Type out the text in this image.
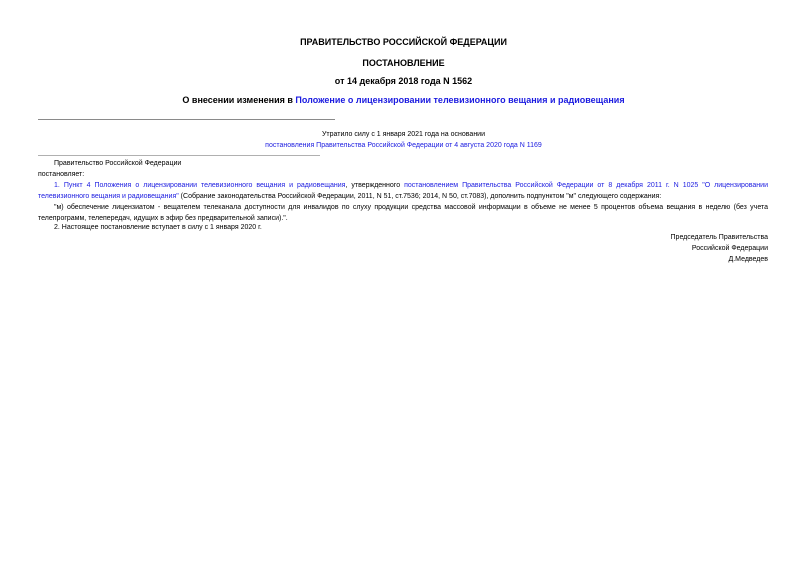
ПРАВИТЕЛЬСТВО РОССИЙСКОЙ ФЕДЕРАЦИИ
ПОСТАНОВЛЕНИЕ
от 14 декабря 2018 года N 1562
О внесении изменения в Положение о лицензировании телевизионного вещания и радиовещания
Утратило силу с 1 января 2021 года на основании
постановления Правительства Российской Федерации от 4 августа 2020 года N 1169
Правительство Российской Федерации
постановляет:
1. Пункт 4 Положения о лицензировании телевизионного вещания и радиовещания, утвержденного постановлением Правительства Российской Федерации от 8 декабря 2011 г. N 1025 "О лицензировании телевизионного вещания и радиовещания" (Собрание законодательства Российской Федерации, 2011, N 51, ст.7536; 2014, N 50, ст.7083), дополнить подпунктом "м" следующего содержания:
"м) обеспечение лицензиатом - вещателем телеканала доступности для инвалидов по слуху продукции средства массовой информации в объеме не менее 5 процентов объема вещания в неделю (без учета телепрограмм, телепередач, идущих в эфир без предварительной записи).".
2. Настоящее постановление вступает в силу с 1 января 2020 г.
Председатель Правительства
Российской Федерации
Д.Медведев
